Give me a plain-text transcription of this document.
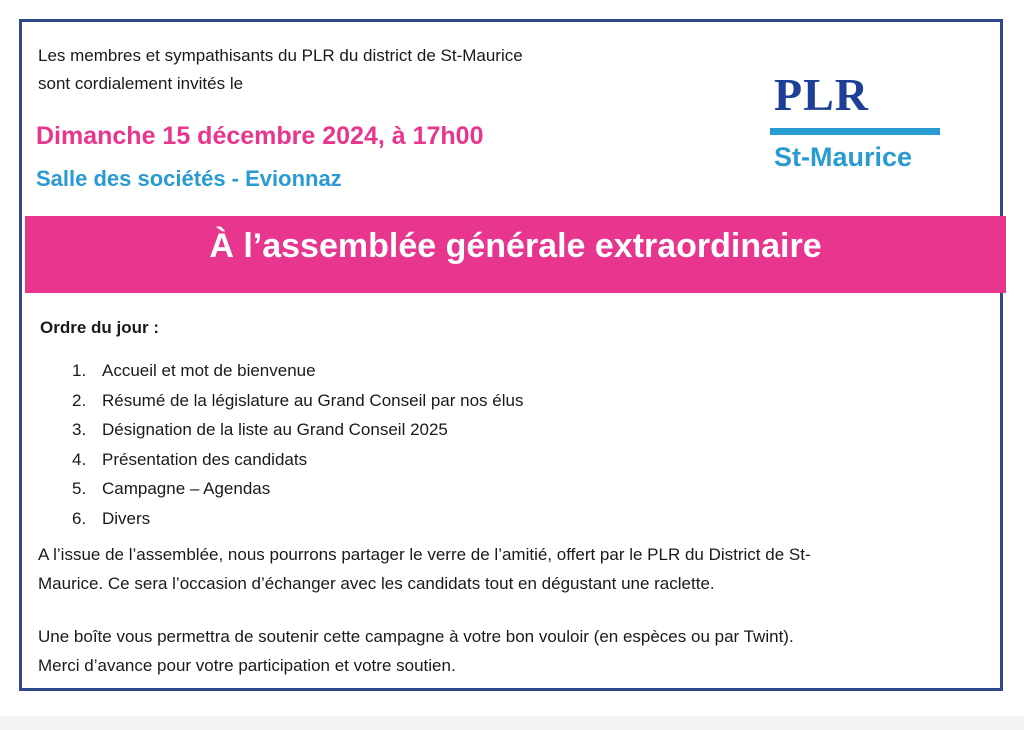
Les membres et sympathisants du PLR du district de St-Maurice
sont cordialement invités le
Dimanche 15 décembre 2024, à 17h00
Salle des sociétés - Evionnaz
PLR
St-Maurice
À l’assemblée générale extraordinaire
Ordre du jour :
1. Accueil et mot de bienvenue
2. Résumé de la législature au Grand Conseil par nos élus
3. Désignation de la liste au Grand Conseil 2025
4. Présentation des candidats
5. Campagne – Agendas
6. Divers
A l’issue de l’assemblée, nous pourrons partager le verre de l’amitié, offert par le PLR du District de St-
Maurice. Ce sera l’occasion d’échanger avec les candidats tout en dégustant une raclette.
Une boîte vous permettra de soutenir cette campagne à votre bon vouloir (en espèces ou par Twint).
Merci d’avance pour votre participation et votre soutien.
